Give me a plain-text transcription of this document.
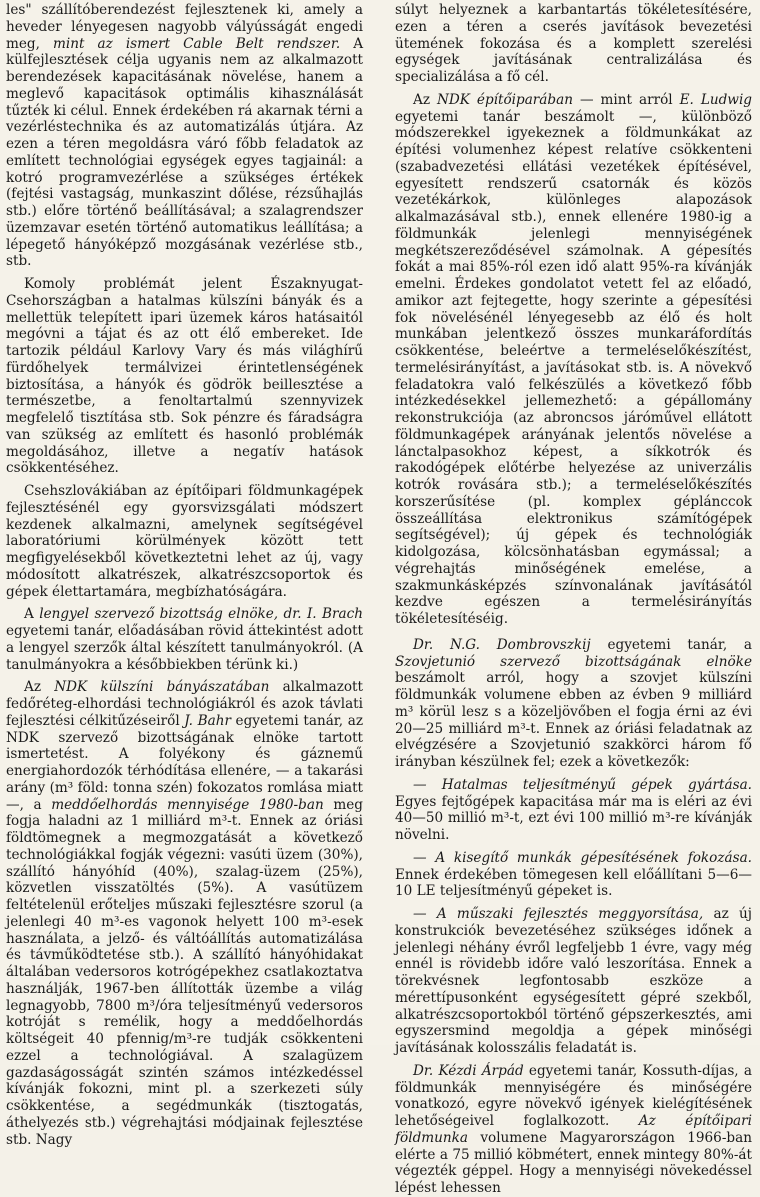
les" szállítóberendezést fejlesztenek ki, amely a heveder lényegesen nagyobb vályússágát engedi meg, mint az ismert Cable Belt rendszer. A külfejlesztések célja ugyanis nem az alkalmazott berendezések kapacitásának növelése, hanem a meglevő kapacitások optimális kihasználását tűzték ki célul. Ennek érdekében rá akarnak térni a vezérléstechnika és az automatizálás útjára. Az ezen a téren megoldásra váró főbb feladatok az említett technológiai egységek egyes tagjainál: a kotró programvezérlése a szükséges értékek (fejtési vastagság, munkaszint dőlése, rézsűhajlás stb.) előre történő beállításával; a szalagrendszer üzemzavar esetén történő automatikus leállítása; a lépegető hányóképző mozgásának vezérlése stb., stb.

Komoly problémát jelent Északnyugat-Csehországban a hatalmas külszíni bányák és a mellettük telepített ipari üzemek káros hatásaitól megóvni a tájat és az ott élő embereket. Ide tartozik például Karlovy Vary és más világhírű fürdőhelyek termálvizei érintetlenségének biztosítása, a hányók és gödrök beillesztése a természetbe, a fenoltartalmú szennyvizek megfelelő tisztítása stb. Sok pénzre és fáradságra van szükség az említett és hasonló problémák megoldásához, illetve a negatív hatások csökkentéséhez.

Csehszlovákiában az építőipari földmunkagépek fejlesztésénél egy gyorsvizsgálati módszert kezdenek alkalmazni, amelynek segítségével laboratóriumi körülmények között tett megfigyelésekből következtetni lehet az új, vagy módosított alkatrészek, alkatrészcsoportok és gépek élettartamára, megbízhatóságára.

A lengyel szervező bizottság elnöke, dr. I. Brach egyetemi tanár, előadásában rövid áttekintést adott a lengyel szerzők által készített tanulmányokról. (A tanulmányokra a későbbiekben térünk ki.)

Az NDK külszíni bányászatában alkalmazott fedőréteg-elhordási technológiákról és azok távlati fejlesztési célkitűzéseiről J. Bahr egyetemi tanár, az NDK szervező bizottságának elnöke tartott ismertetést. A folyékony és gáznemű energiahordozók térhódítása ellenére, — a takarási arány (m³ föld: tonna szén) fokozatos romlása miatt —, a meddőelhordás mennyisége 1980-ban meg fogja haladni az 1 milliárd m³-t. Ennek az óriási földtömegnek a megmozgatását a következő technológiákkal fogják végezni: vasúti üzem (30%), szállító hányóhíd (40%), szalag-üzem (25%), közvetlen visszatöltés (5%). A vasútüzem feltételenül erőteljes műszaki fejlesztésre szorul (a jelenlegi 40 m³-es vagonok helyett 100 m³-esek használata, a jelző- és váltóállítás automatizálása és távműködtetése stb.). A szállító hányóhidakat általában vedersoros kotrógépekhez csatlakoztatva használják, 1967-ben állították üzembe a világ legnagyobb, 7800 m³/óra teljesítményű vedersoros kotróját s remélik, hogy a meddőelhordás költségeit 40 pfennig/m³-re tudják csökkenteni ezzel a technológiával. A szalagüzem gazdaságosságát szintén számos intézkedéssel kívánják fokozni, mint pl. a szerkezeti súly csökkentése, a segédmunkák (tisztogatás, áthelyezés stb.) végrehajtási módjainak fejlesztése stb. Nagy

súlyt helyeznek a karbantartás tökéletesítésére, ezen a téren a cserés javítások bevezetési ütemének fokozása és a komplett szerelési egységek javításának centralizálása és specializálása a fő cél.

Az NDK építőiparában — mint arról E. Ludwig egyetemi tanár beszámolt —, különböző módszerekkel igyekeznek a földmunkákat az építési volumenhez képest relatíve csökkenteni (szabadvezetési ellátási vezetékek építésével, egyesített rendszerű csatornák és közös vezetékárkok, különleges alapozások alkalmazásával stb.), ennek ellenére 1980-ig a földmunkák jelenlegi mennyiségének megkétszereződésével számolnak. A gépesítés fokát a mai 85%-ról ezen idő alatt 95%-ra kívánják emelni. Érdekes gondolatot vetett fel az előadó, amikor azt fejtegette, hogy szerinte a gépesítési fok növelésénél lényegesebb az élő és holt munkában jelentkező összes munkaráfordítás csökkentése, beleértve a termeléselőkészítést, termelésirányítást, a javításokat stb. is. A növekvő feladatokra való felkészülés a következő főbb intézkedésekkel jellemezhető: a gépállomány rekonstrukciója (az abroncsos járóművel ellátott földmunkagépek arányának jelentős növelése a lánctalpasokhoz képest, a síkkotrók és rakodógépek előtérbe helyezése az univerzális kotrók rovására stb.); a termeléselőkészítés korszerűsítése (pl. komplex géplánccok összeállítása elektronikus számítógépek segítségével); új gépek és technológiák kidolgozása, kölcsönhatásban egymással; a végrehajtás minőségének emelése, a szakmunkásképzés színvonalának javításától kezdve egészen a termelésirányítás tökéletesítéséig.

Dr. N.G. Dombrovszkij egyetemi tanár, a Szovjetunió szervező bizottságának elnöke beszámolt arról, hogy a szovjet külszíni földmunkák volumene ebben az évben 9 milliárd m³ körül lesz s a közeljövőben el fogja érni az évi 20—25 milliárd m³-t. Ennek az óriási feladatnak az elvégzésére a Szovjetunió szakkörci három fő irányban készülnek fel; ezek a következők:

— Hatalmas teljesítményű gépek gyártása. Egyes fejtőgépek kapacitása már ma is eléri az évi 40—50 millió m³-t, ezt évi 100 millió m³-re kívánják növelni.

— A kisegítő munkák gépesítésének fokozása. Ennek érdekében tömegesen kell előállítani 5—6—10 LE teljesítményű gépeket is.

— A műszaki fejlesztés meggyorsítása, az új konstrukciók bevezetéséhez szükséges időnek a jelenlegi néhány évről legfeljebb 1 évre, vagy még ennél is rövidebb időre való leszorítása. Ennek a törekvésnek legfontosabb eszköze a mérettípusonként egységesített gépré szekből, alkatrészcsoportokból történő gépszerkesztés, ami egyszersmind megoldja a gépek minőségi javításának kolosszális feladatát is.

Dr. Kézdi Árpád egyetemi tanár, Kossuth-díjas, a földmunkák mennyiségére és minőségére vonatkozó, egyre növekvő igények kielégítésének lehetőségeivel foglalkozott. Az építőipari földmunka volumene Magyarországon 1966-ban elérte a 75 millió köbmétert, ennek mintegy 80%-át végezték géppel. Hogy a mennyiségi növekedéssel lépést lehessen
